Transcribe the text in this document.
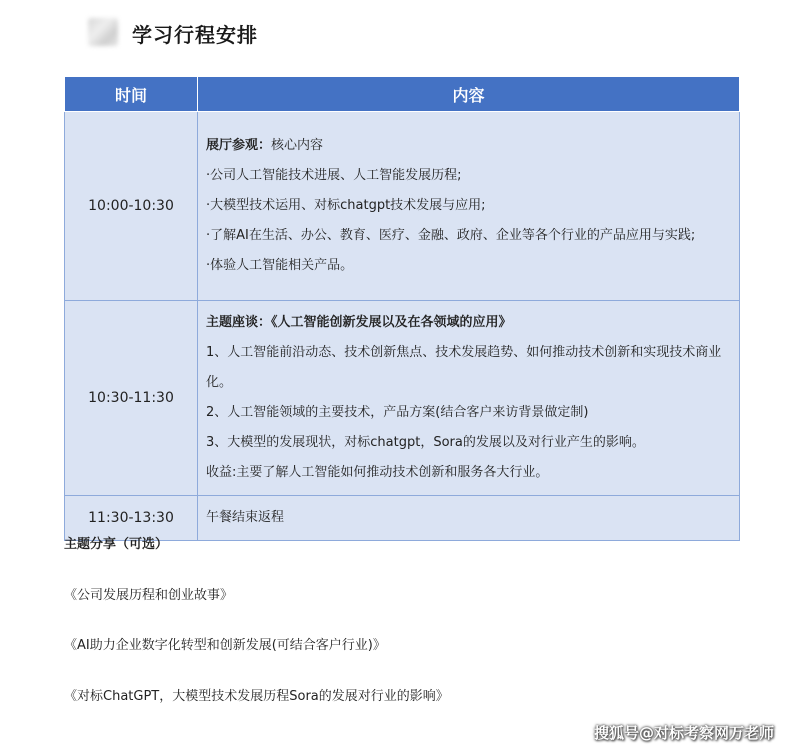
学习行程安排
时间	内容
10:00-10:30	展厅参观：核心内容
·公司人工智能技术进展、人工智能发展历程;
·大模型技术运用、对标chatgpt技术发展与应用;
·了解AI在生活、办公、教育、医疗、金融、政府、企业等各个行业的产品应用与实践;
·体验人工智能相关产品。

10:30-11:30	主题座谈：《人工智能创新发展以及在各领域的应用》
1、人工智能前沿动态、技术创新焦点、技术发展趋势、如何推动技术创新和实现技术商业化。
2、人工智能领域的主要技术，产品方案(结合客户来访背景做定制)
3、大模型的发展现状，对标chatgpt，Sora的发展以及对行业产生的影响。
收益:主要了解人工智能如何推动技术创新和服务各大行业。

11:30-13:30	午餐结束返程
主题分享（可选）
《公司发展历程和创业故事》
《AI助力企业数字化转型和创新发展(可结合客户行业)》
《对标ChatGPT，大模型技术发展历程Sora的发展对行业的影响》
搜狐号@对标考察网万老师
